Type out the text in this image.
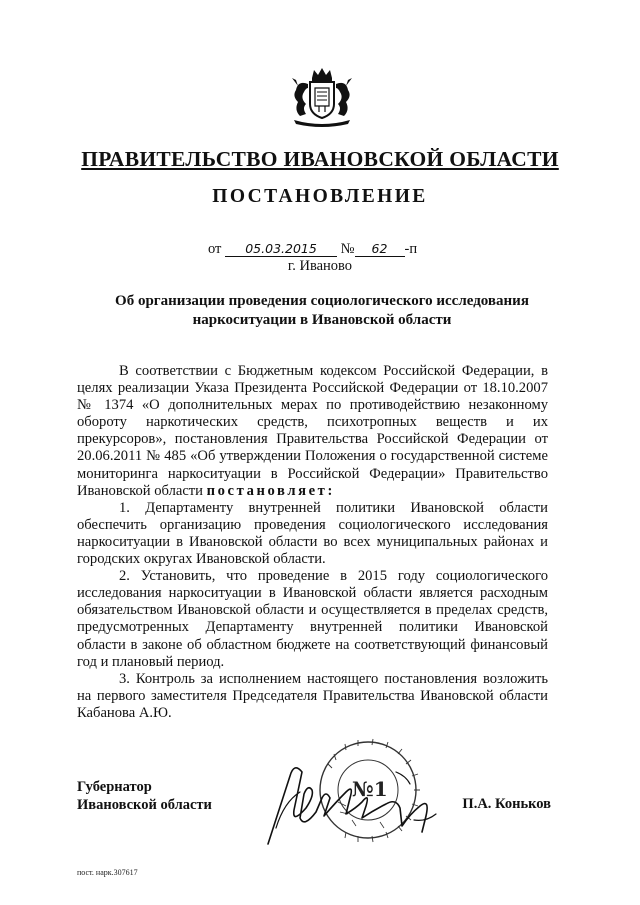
ПРАВИТЕЛЬСТВО ИВАНОВСКОЙ ОБЛАСТИ
ПОСТАНОВЛЕНИЕ
от 05.03.2015 № 62 -п
г. Иваново
Об организации проведения социологического исследования
наркоситуации в Ивановской области

В соответствии с Бюджетным кодексом Российской Федерации, в целях реализации Указа Президента Российской Федерации от 18.10.2007 № 1374 «О дополнительных мерах по противодействию незаконному обороту наркотических средств, психотропных веществ и их прекурсоров», постановления Правительства Российской Федерации от 20.06.2011 № 485 «Об утверждении Положения о государственной системе мониторинга наркоситуации в Российской Федерации» Правительство Ивановской области постановляет:

1. Департаменту внутренней политики Ивановской области обеспечить организацию проведения социологического исследования наркоситуации в Ивановской области во всех муниципальных районах и городских округах Ивановской области.

2. Установить, что проведение в 2015 году социологического исследования наркоситуации в Ивановской области является расходным обязательством Ивановской области и осуществляется в пределах средств, предусмотренных Департаменту внутренней политики Ивановской области в законе об областном бюджете на соответствующий финансовый год и плановый период.

3. Контроль за исполнением настоящего постановления возложить на первого заместителя Председателя Правительства Ивановской области Кабанова А.Ю.

Губернатор
Ивановской области
№1
П.А. Коньков
пост. нарк.307617
